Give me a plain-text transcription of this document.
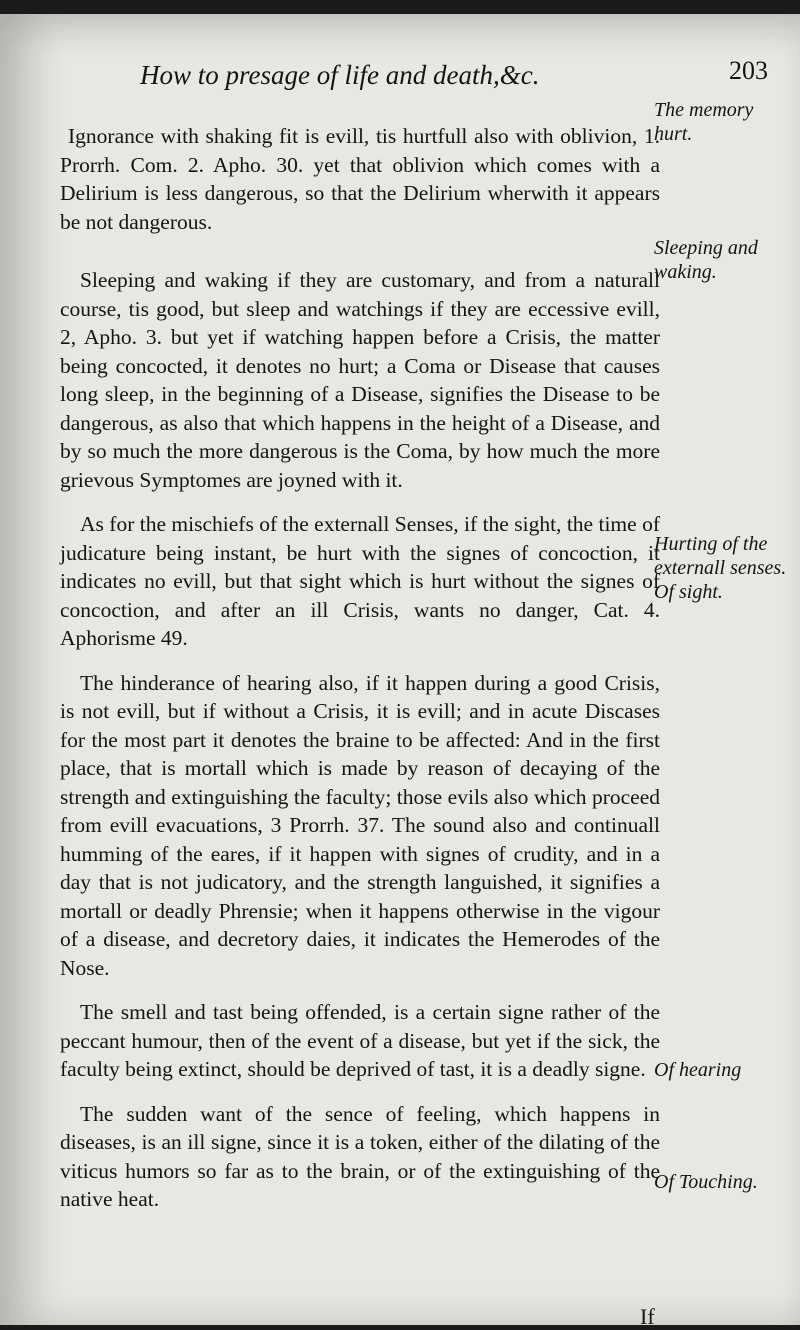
How to presage of life and death,&c.	203

Ignorance with shaking fit is evill, tis hurtfull also with oblivion, 1. Prorrh. Com. 2. Apho. 30. yet that oblivion which comes with a Delirium is less dangerous, so that the Delirium wherwith it appears be not dangerous.

Sleeping and waking if they are customary, and from a naturall course, tis good, but sleep and watchings if they are eccessive evill, 2, Apho. 3. but yet if watching happen before a Crisis, the matter being concocted, it denotes no hurt; a Coma or Disease that causes long sleep, in the beginning of a Disease, signifies the Disease to be dangerous, as also that which happens in the height of a Disease, and by so much the more dangerous is the Coma, by how much the more grievous Symptomes are joyned with it.

As for the mischiefs of the externall Senses, if the sight, the time of judicature being instant, be hurt with the signes of concoction, it indicates no evill, but that sight which is hurt without the signes of concoction, and after an ill Crisis, wants no danger, Cat. 4. Aphorisme 49.

The hinderance of hearing also, if it happen during a good Crisis, is not evill, but if without a Crisis, it is evill; and in acute Discases for the most part it denotes the braine to be affected: And in the first place, that is mortall which is made by reason of decaying of the strength and extinguishing the faculty; those evils also which proceed from evill evacuations, 3 Prorrh. 37. The sound also and continuall humming of the eares, if it happen with signes of crudity, and in a day that is not judicatory, and the strength languished, it signifies a mortall or deadly Phrensie; when it happens otherwise in the vigour of a disease, and decretory daies, it indicates the Hemerodes of the Nose.

The smell and tast being offended, is a certain signe rather of the peccant humour, then of the event of a disease, but yet if the sick, the faculty being extinct, should be deprived of tast, it is a deadly signe.

The sudden want of the sence of feeling, which happens in diseases, is an ill signe, since it is a token, either of the dilating of the viticus humors so far as to the brain, or of the extinguishing of the native heat.

The memory hurt.
Sleeping and waking.
Hurting of the externall senses. Of sight.
Of hearing
Of Touching.
If
